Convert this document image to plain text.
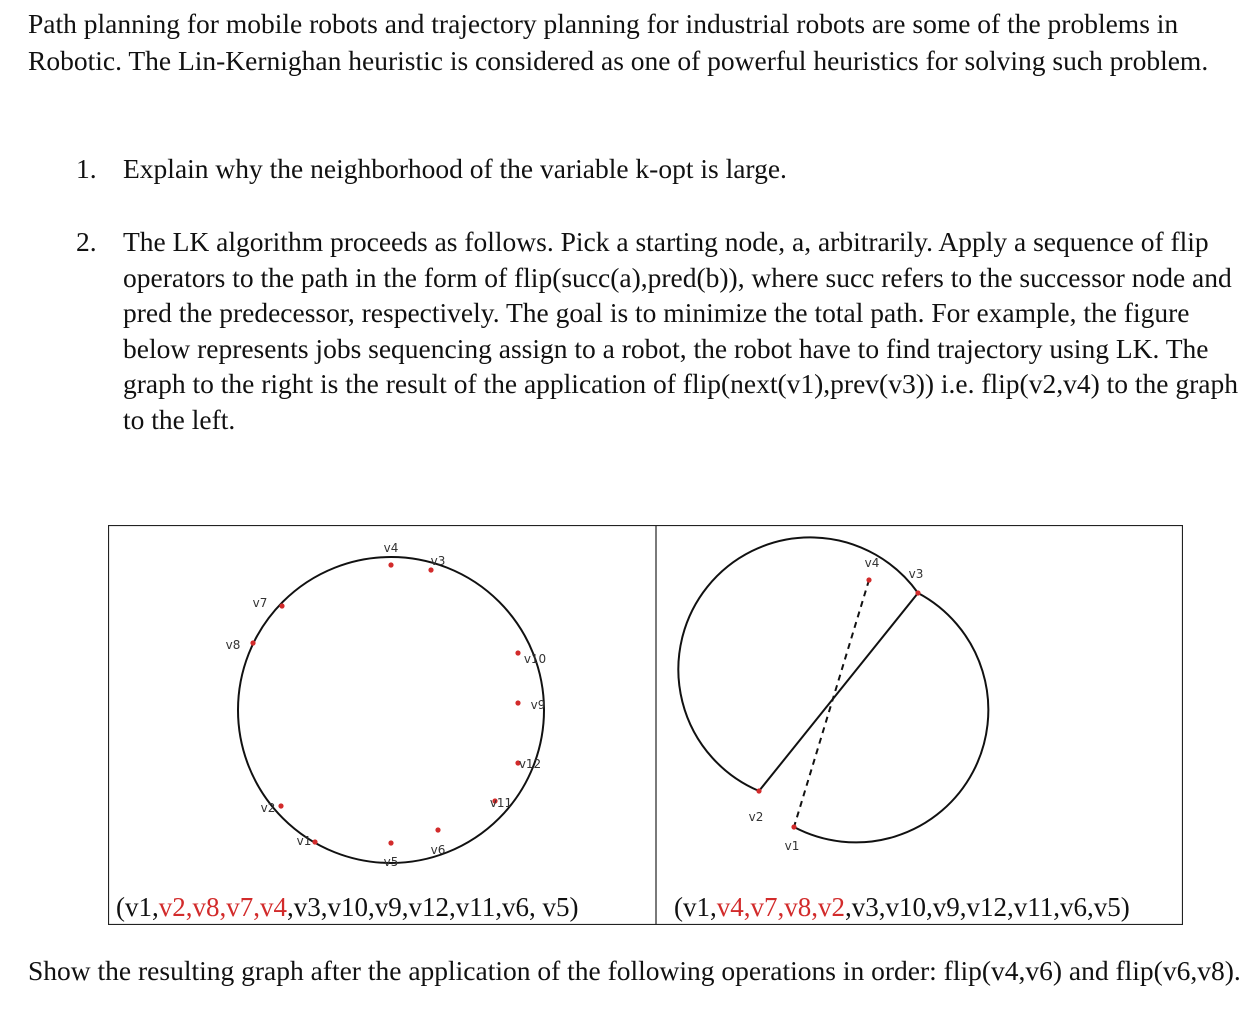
Path planning for mobile robots and trajectory planning for industrial robots are some of the problems in Robotic. The Lin-Kernighan heuristic is considered as one of powerful heuristics for solving such problem.

1. Explain why the neighborhood of the variable k-opt is large.
2. The LK algorithm proceeds as follows. Pick a starting node, a, arbitrarily. Apply a sequence of flip operators to the path in the form of flip(succ(a),pred(b)), where succ refers to the successor node and pred the predecessor, respectively. The goal is to minimize the total path. For example, the figure below represents jobs sequencing assign to a robot, the robot have to find trajectory using LK. The graph to the right is the result of the application of flip(next(v1),prev(v3)) i.e. flip(v2,v4) to the graph to the left.
v1
v2
v8
v7
v4
v3
v10
v9
v12
v11
v6
v5
(v1,v2,v8,v7,v4,v3,v10,v9,v12,v11,v6, v5)
v4
v3
v2
v1
(v1,v4,v7,v8,v2,v3,v10,v9,v12,v11,v6,v5)

Show the resulting graph after the application of the following operations in order: flip(v4,v6) and flip(v6,v8).
